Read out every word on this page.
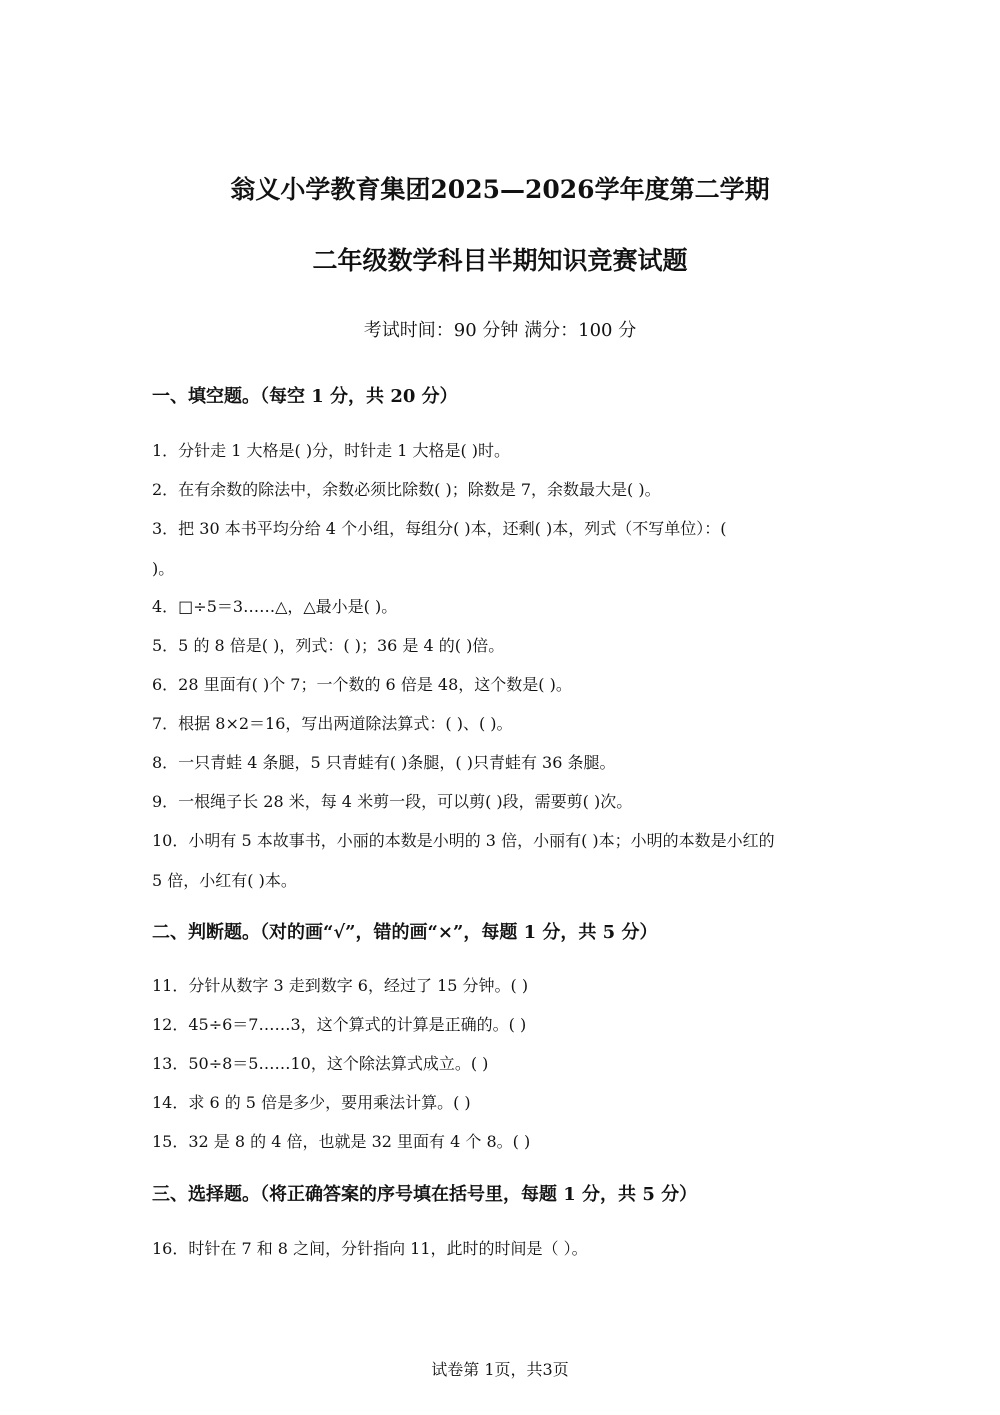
翁义小学教育集团2025—2026学年度第二学期
二年级数学科目半期知识竞赛试题
考试时间：90 分钟 满分：100 分
一、填空题。（每空 1 分，共 20 分）
1．分针走 1 大格是( )分，时针走 1 大格是( )时。
2．在有余数的除法中，余数必须比除数( )；除数是 7，余数最大是( )。
3．把 30 本书平均分给 4 个小组，每组分( )本，还剩( )本，列式（不写单位）：(
)。
4．□÷5＝3……△，△最小是( )。
5．5 的 8 倍是( )，列式：( )；36 是 4 的( )倍。
6．28 里面有( )个 7；一个数的 6 倍是 48，这个数是( )。
7．根据 8×2＝16，写出两道除法算式：( )、( )。
8．一只青蛙 4 条腿，5 只青蛙有( )条腿，( )只青蛙有 36 条腿。
9．一根绳子长 28 米，每 4 米剪一段，可以剪( )段，需要剪( )次。
10．小明有 5 本故事书，小丽的本数是小明的 3 倍，小丽有( )本；小明的本数是小红的
5 倍，小红有( )本。
二、判断题。（对的画“√”，错的画“×”，每题 1 分，共 5 分）
11．分针从数字 3 走到数字 6，经过了 15 分钟。( )
12．45÷6＝7……3，这个算式的计算是正确的。( )
13．50÷8＝5……10，这个除法算式成立。( )
14．求 6 的 5 倍是多少，要用乘法计算。( )
15．32 是 8 的 4 倍，也就是 32 里面有 4 个 8。( )
三、选择题。（将正确答案的序号填在括号里，每题 1 分，共 5 分）
16．时针在 7 和 8 之间，分针指向 11，此时的时间是（ ）。
试卷第 1页，共3页
